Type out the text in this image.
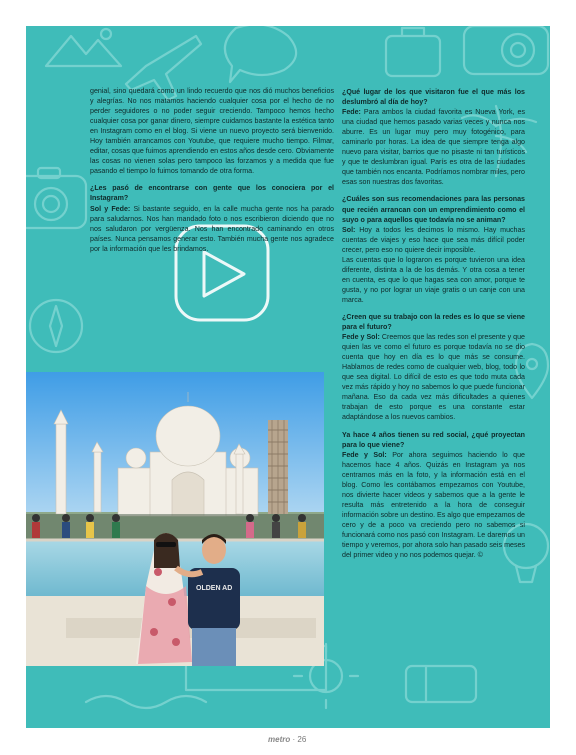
genial, sino quedará como un lindo recuerdo que nos dió muchos beneficios y alegrías. No nos matamos haciendo cualquier cosa por el hecho de no perder seguidores o no poder seguir creciendo. Tampoco hemos hecho cualquier cosa por ganar dinero, siempre cuidamos bastante la estética tanto en Instagram como en el blog. Si viene un nuevo proyecto será bienvenido. Hoy también arrancamos con Youtube, que requiere mucho tiempo. Filmar, editar, cosas que fuimos aprendiendo en estos años desde cero. Obviamente las cosas no vienen solas pero tampoco las forzamos y a medida que fue pasando el tiempo lo fuimos tomando de otra forma.

¿Les pasó de encontrarse con gente que los conociera por el Instagram?

Sol y Fede: Si bastante seguido, en la calle mucha gente nos ha parado para saludarnos. Nos han mandado foto o nos escribieron diciendo que no nos saludaron por vergüenza. Nos han encontrado caminando en otros países. Nunca pensamos generar esto. También mucha gente nos agradece por la información que les brindamos.

¿Qué lugar de los que visitaron fue el que más los deslumbró al día de hoy?

Fede: Para ambos la ciudad favorita es Nueva York, es una ciudad que hemos pasado varias veces y nunca nos aburre. Es un lugar muy pero muy fotogénico, para caminarlo por horas. La idea de que siempre tenga algo nuevo para visitar, barrios que no pisaste ni tan turísticos y que te deslumbran igual. París es otra de las ciudades que también nos encanta. Podríamos nombrar miles, pero esas son nuestras dos favoritas.

¿Cuáles son sus recomendaciones para las personas que recién arrancan con un emprendimiento como el suyo o para aquellos que todavía no se animan?

Sol: Hoy a todos les decimos lo mismo. Hay muchas cuentas de viajes y eso hace que sea más difícil poder crecer, pero eso no quiere decir imposible.

Las cuentas que lo lograron es porque tuvieron una idea diferente, distinta a la de los demás. Y otra cosa a tener en cuenta, es que lo que hagas sea con amor, porque te gusta, y no por lograr un viaje gratis o un canje con una marca.

¿Creen que su trabajo con la redes es lo que se viene para el futuro?

Fede y Sol: Creemos que las redes son el presente y que quien las ve como el futuro es porque todavía no se dio cuenta que hoy en día es lo que más se consume. Hablamos de redes como de cualquier web, blog, todo lo que sea digital. Lo difícil de esto es que todo muta cada vez más rápido y hoy no sabemos lo que puede funcionar mañana. Eso da cada vez más dificultades a quienes trabajan de esto porque es una constante estar adaptándose a los nuevos cambios.

Ya hace 4 años tienen su red social, ¿qué proyectan para lo que viene?

Fede y Sol: Por ahora seguimos haciendo lo que hacemos hace 4 años. Quizás en Instagram ya nos centramos más en la foto, y la información está en el blog. Como les contábamos empezamos con Youtube, nos divierte hacer videos y sabemos que a la gente le resulta más entretenido a la hora de conseguir información sobre un destino. Es algo que empezamos de cero y de a poco va creciendo pero no sabemos si funcionará como nos pasó con Instagram. Le daremos un tiempo y veremos, por ahora solo han pasado seis meses del primer video y no nos podemos quejar. ©

OLDEN AD
metro · 26
